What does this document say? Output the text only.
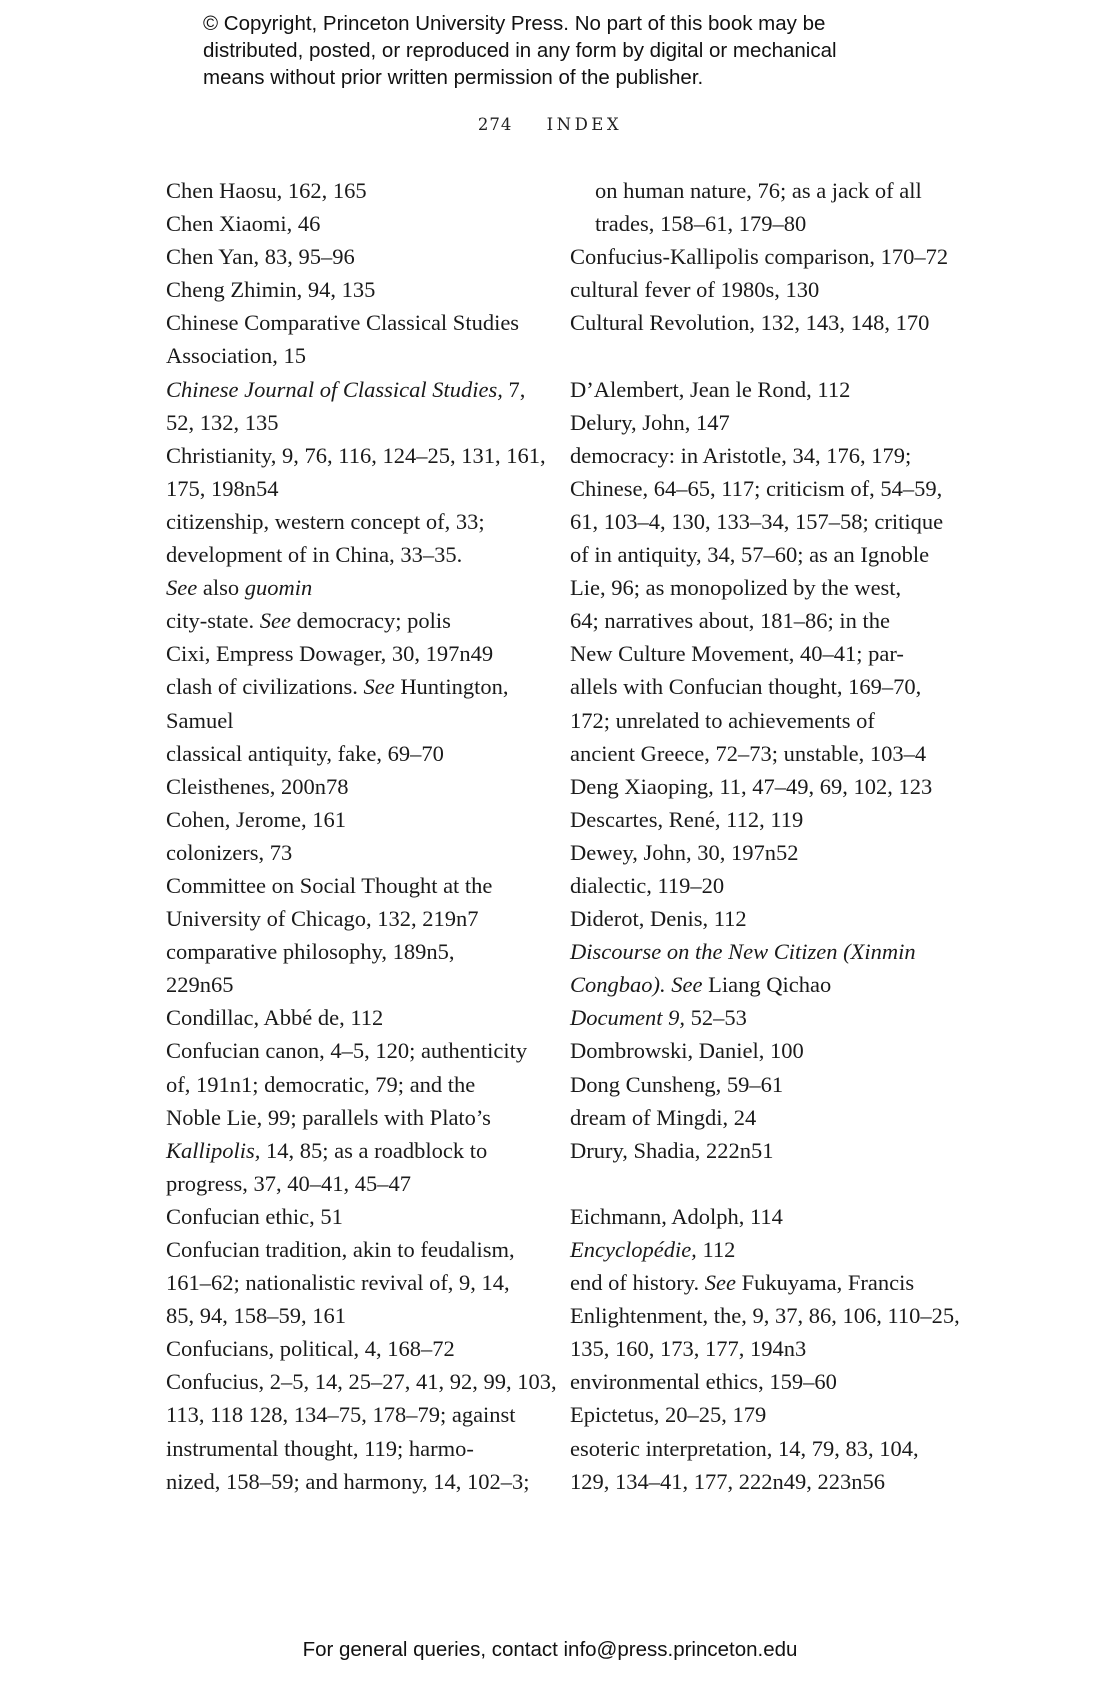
© Copyright, Princeton University Press. No part of this book may be
distributed, posted, or reproduced in any form by digital or mechanical
means without prior written permission of the publisher.
274 INDEX
Chen Haosu, 162, 165
Chen Xiaomi, 46
Chen Yan, 83, 95–96
Cheng Zhimin, 94, 135
Chinese Comparative Classical Studies
Association, 15
Chinese Journal of Classical Studies, 7,
52, 132, 135
Christianity, 9, 76, 116, 124–25, 131, 161,
175, 198n54
citizenship, western concept of, 33;
development of in China, 33–35.
See also guomin
city-state. See democracy; polis
Cixi, Empress Dowager, 30, 197n49
clash of civilizations. See Huntington,
Samuel
classical antiquity, fake, 69–70
Cleisthenes, 200n78
Cohen, Jerome, 161
colonizers, 73
Committee on Social Thought at the
University of Chicago, 132, 219n7
comparative philosophy, 189n5,
229n65
Condillac, Abbé de, 112
Confucian canon, 4–5, 120; authenticity
of, 191n1; democratic, 79; and the
Noble Lie, 99; parallels with Plato’s
Kallipolis, 14, 85; as a roadblock to
progress, 37, 40–41, 45–47
Confucian ethic, 51
Confucian tradition, akin to feudalism,
161–62; nationalistic revival of, 9, 14,
85, 94, 158–59, 161
Confucians, political, 4, 168–72
Confucius, 2–5, 14, 25–27, 41, 92, 99, 103,
113, 118 128, 134–75, 178–79; against
instrumental thought, 119; harmo-
nized, 158–59; and harmony, 14, 102–3;
on human nature, 76; as a jack of all
trades, 158–61, 179–80
Confucius-Kallipolis comparison, 170–72
cultural fever of 1980s, 130
Cultural Revolution, 132, 143, 148, 170
D’Alembert, Jean le Rond, 112
Delury, John, 147
democracy: in Aristotle, 34, 176, 179;
Chinese, 64–65, 117; criticism of, 54–59,
61, 103–4, 130, 133–34, 157–58; critique
of in antiquity, 34, 57–60; as an Ignoble
Lie, 96; as monopolized by the west,
64; narratives about, 181–86; in the
New Culture Movement, 40–41; par-
allels with Confucian thought, 169–70,
172; unrelated to achievements of
ancient Greece, 72–73; unstable, 103–4
Deng Xiaoping, 11, 47–49, 69, 102, 123
Descartes, René, 112, 119
Dewey, John, 30, 197n52
dialectic, 119–20
Diderot, Denis, 112
Discourse on the New Citizen (Xinmin
Congbao). See Liang Qichao
Document 9, 52–53
Dombrowski, Daniel, 100
Dong Cunsheng, 59–61
dream of Mingdi, 24
Drury, Shadia, 222n51
Eichmann, Adolph, 114
Encyclopédie, 112
end of history. See Fukuyama, Francis
Enlightenment, the, 9, 37, 86, 106, 110–25,
135, 160, 173, 177, 194n3
environmental ethics, 159–60
Epictetus, 20–25, 179
esoteric interpretation, 14, 79, 83, 104,
129, 134–41, 177, 222n49, 223n56
For general queries, contact info@press.princeton.edu
